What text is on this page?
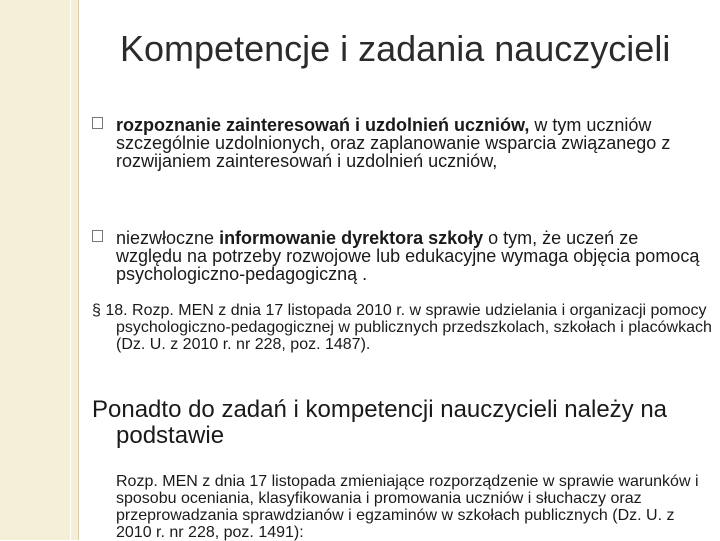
Kompetencje i zadania nauczycieli
rozpoznanie zainteresowań i uzdolnień uczniów, w tym uczniów szczególnie uzdolnionych, oraz zaplanowanie wsparcia związanego z rozwijaniem zainteresowań i uzdolnień uczniów,
niezwłoczne informowanie dyrektora szkoły o tym, że uczeń ze względu na potrzeby rozwojowe lub edukacyjne wymaga objęcia pomocą psychologiczno-pedagogiczną .
§ 18. Rozp. MEN z dnia 17 listopada 2010 r. w sprawie udzielania i organizacji pomocy psychologiczno-pedagogicznej w publicznych przedszkolach, szkołach i placówkach (Dz. U. z 2010 r. nr 228, poz. 1487).
Ponadto do zadań i kompetencji nauczycieli należy na podstawie
Rozp. MEN z dnia 17 listopada zmieniające rozporządzenie w sprawie warunków i sposobu oceniania, klasyfikowania i promowania uczniów i słuchaczy oraz przeprowadzania sprawdzianów i egzaminów w szkołach publicznych (Dz. U. z 2010 r. nr 228, poz. 1491):
